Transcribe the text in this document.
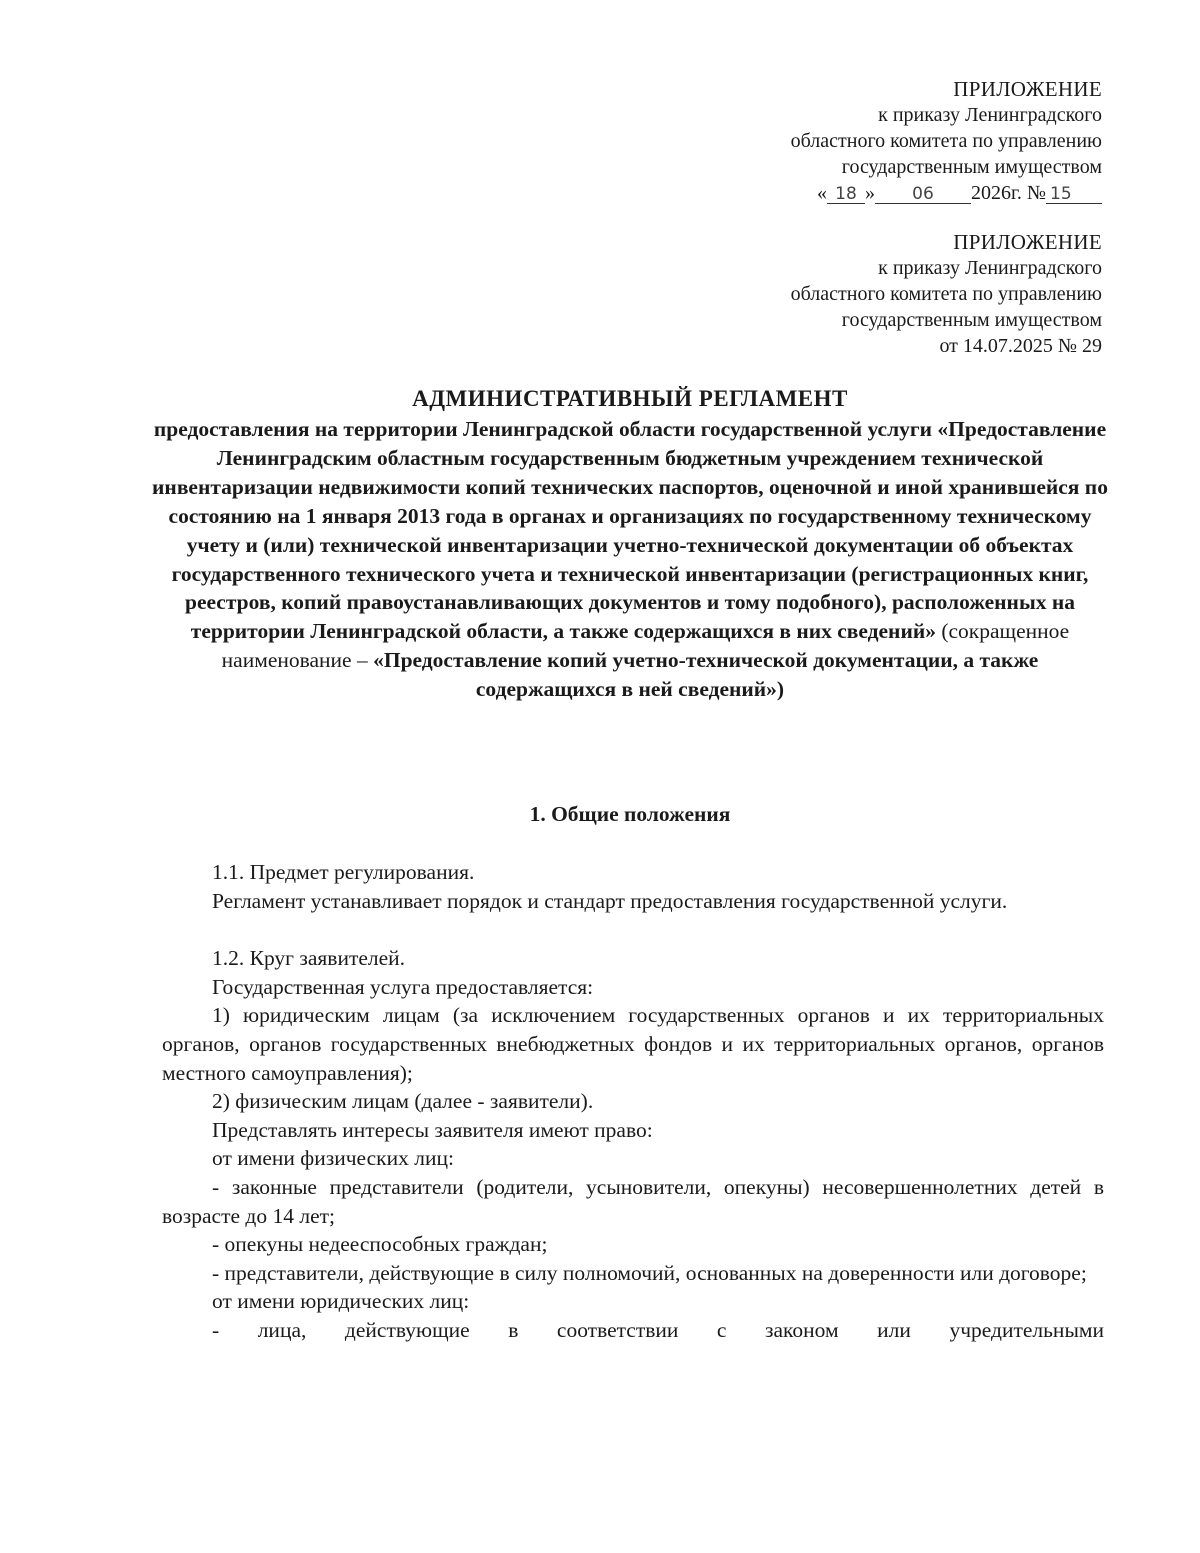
ПРИЛОЖЕНИЕ
к приказу Ленинградского
областного комитета по управлению
государственным имуществом
« 18 » 06 2026г. № 15
ПРИЛОЖЕНИЕ
к приказу Ленинградского
областного комитета по управлению
государственным имуществом
от 14.07.2025 № 29
АДМИНИСТРАТИВНЫЙ РЕГЛАМЕНТ
предоставления на территории Ленинградской области государственной услуги «Предоставление Ленинградским областным государственным бюджетным учреждением технической инвентаризации недвижимости копий технических паспортов, оценочной и иной хранившейся по состоянию на 1 января 2013 года в органах и организациях по государственному техническому учету и (или) технической инвентаризации учетно-технической документации об объектах государственного технического учета и технической инвентаризации (регистрационных книг, реестров, копий правоустанавливающих документов и тому подобного), расположенных на территории Ленинградской области, а также содержащихся в них сведений» (сокращенное наименование – «Предоставление копий учетно-технической документации, а также содержащихся в ней сведений»)
1. Общие положения

1.1. Предмет регулирования.

Регламент устанавливает порядок и стандарт предоставления государственной услуги.

1.2. Круг заявителей.

Государственная услуга предоставляется:

1) юридическим лицам (за исключением государственных органов и их территориальных органов, органов государственных внебюджетных фондов и их территориальных органов, органов местного самоуправления);

2) физическим лицам (далее - заявители).

Представлять интересы заявителя имеют право:

от имени физических лиц:

- законные представители (родители, усыновители, опекуны) несовершеннолетних детей в возрасте до 14 лет;

- опекуны недееспособных граждан;

- представители, действующие в силу полномочий, основанных на доверенности или договоре;

от имени юридических лиц:

- лица, действующие в соответствии с законом или учредительными
